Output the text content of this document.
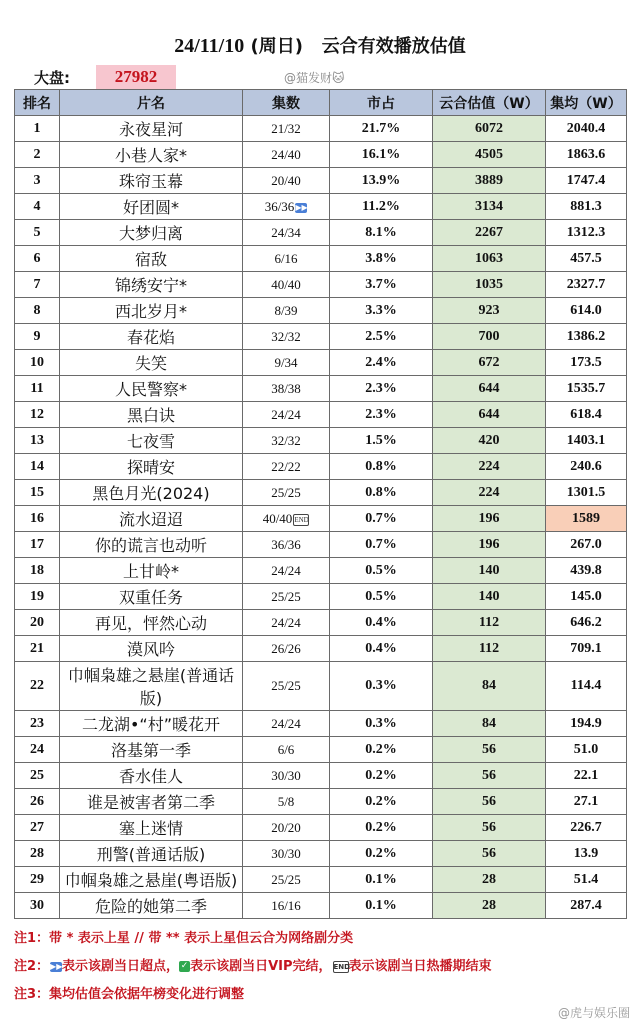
24/11/10 (周日) 云合有效播放估值
大盘:	27982	@猫发财🐱
排名	片名	集数	市占	云合估值（W）	集均（W）
1	永夜星河	21/32	21.7%	6072	2040.4
2	小巷人家*	24/40	16.1%	4505	1863.6
3	珠帘玉幕	20/40	13.9%	3889	1747.4
4	好团圆*	36/36▶▶	11.2%	3134	881.3
5	大梦归离	24/34	8.1%	2267	1312.3
6	宿敌	6/16	3.8%	1063	457.5
7	锦绣安宁*	40/40	3.7%	1035	2327.7
8	西北岁月*	8/39	3.3%	923	614.0
9	春花焰	32/32	2.5%	700	1386.2
10	失笑	9/34	2.4%	672	173.5
11	人民警察*	38/38	2.3%	644	1535.7
12	黑白诀	24/24	2.3%	644	618.4
13	七夜雪	32/32	1.5%	420	1403.1
14	探晴安	22/22	0.8%	224	240.6
15	黑色月光(2024)	25/25	0.8%	224	1301.5
16	流水迢迢	40/40 END	0.7%	196	1589
17	你的谎言也动听	36/36	0.7%	196	267.0
18	上甘岭*	24/24	0.5%	140	439.8
19	双重任务	25/25	0.5%	140	145.0
20	再见，怦然心动	24/24	0.4%	112	646.2
21	漠风吟	26/26	0.4%	112	709.1
22	巾帼枭雄之悬崖(普通话版)	25/25	0.3%	84	114.4
23	二龙湖•“村”暖花开	24/24	0.3%	84	194.9
24	洛基第一季	6/6	0.2%	56	51.0
25	香水佳人	30/30	0.2%	56	22.1
26	谁是被害者第二季	5/8	0.2%	56	27.1
27	塞上迷情	20/20	0.2%	56	226.7
28	刑警(普通话版)	30/30	0.2%	56	13.9
29	巾帼枭雄之悬崖(粤语版)	25/25	0.1%	28	51.4
30	危险的她第二季	16/16	0.1%	28	287.4
注1：带 * 表示上星 // 带 ** 表示上星但云合为网络剧分类
注2：▶▶表示该剧当日超点， ✓ 表示该剧当日VIP完结， END表示该剧当日热播期结束
注3：集均估值会依据年榜变化进行调整
@虎与娱乐圈
